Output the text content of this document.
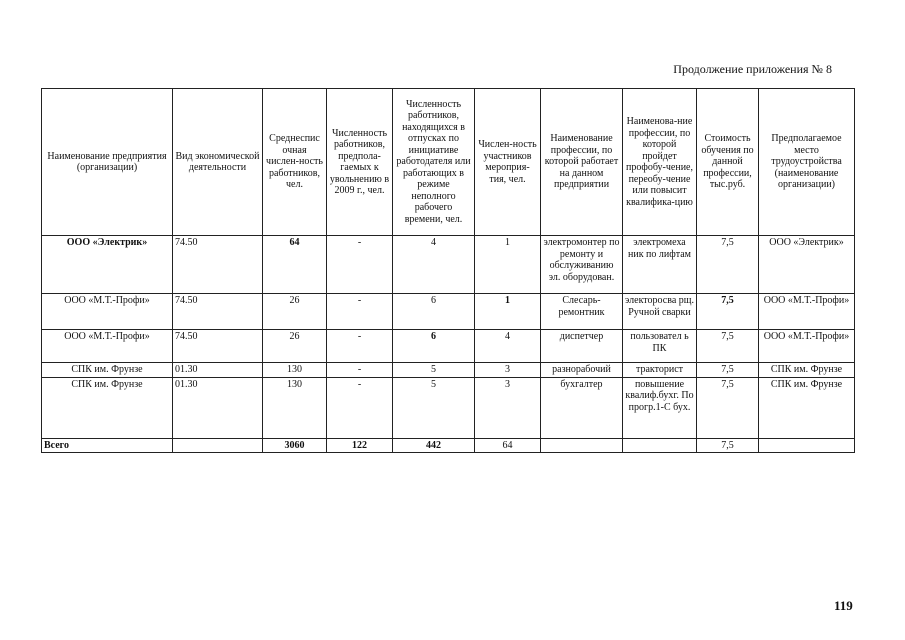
Продолжение приложения № 8
Наименование предприятия (организации)	Вид экономической деятельности	Среднеспис очная числен-ность работников, чел.	Численность работников, предпола-гаемых к увольнению в 2009 г., чел.	Численность работников, находящихся в отпусках по инициативе работодателя или работающих в режиме неполного рабочего времени, чел.	Числен-ность участников мероприя-тия, чел.	Наименование профессии, по которой работает на данном предприятии	Наименова-ние профессии, по которой пройдет профобу-чение, переобу-чение или повысит квалифика-цию	Стоимость обучения по данной профессии, тыс.руб.	Предполагаемое место трудоустройства (наименование организации)
ООО «Электрик»	74.50	64	-	4	1	электромонтер по ремонту и обслуживанию эл. оборудован.	электромеха ник по лифтам	7,5	ООО «Электрик»
ООО «М.Т.-Профи»	74.50	26	-	6	1	Слесарь-ремонтник	электоросва рщ. Ручной сварки	7,5	ООО «М.Т.-Профи»
ООО «М.Т.-Профи»	74.50	26	-	6	4	диспетчер	пользовател ь ПК	7,5	ООО «М.Т.-Профи»
СПК им. Фрунзе	01.30	130	-	5	3	разнорабочий	тракторист	7,5	СПК им. Фрунзе
СПК им. Фрунзе	01.30	130	-	5	3	бухгалтер	повышение квалиф.бухг. По прогр.1-С бух.	7,5	СПК им. Фрунзе
Всего		3060	122	442	64			7,5	
119
